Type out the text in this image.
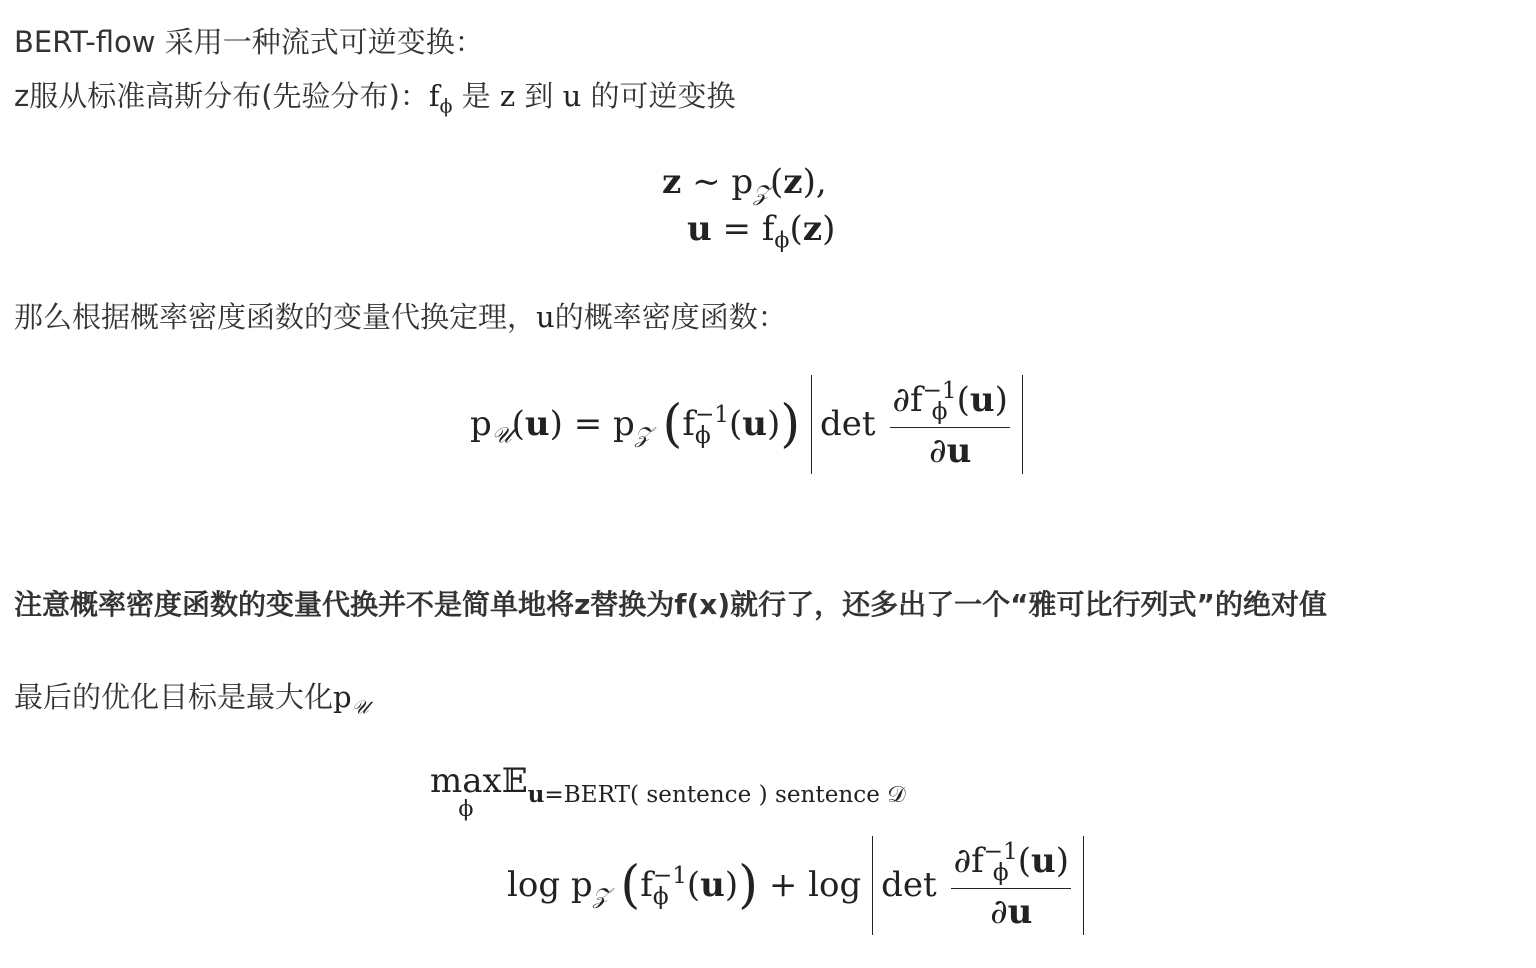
BERT-flow 采用一种流式可逆变换：
z服从标准高斯分布(先验分布)：$f_\phi$ 是 z 到 u 的可逆变换
z ∼ $p_𝒵(z)$,
$u = f_\phi(z)$
那么根据概率密度函数的变量代换定理，u的概率密度函数：
$p_𝒰(u) = p_𝒵$ (f −1
ϕ (u)) det ∂f −1
ϕ (u)
∂u
注意概率密度函数的变量代换并不是简单地将z替换为f(x)就行了，还多出了一个“雅可比行列式”的绝对值
最后的优化目标是最大化$p_𝒰$
max
ϕ
𝔼$_{u=BERT( sentence ) sentence 𝒟}$
$\log p_𝒵$ (f −1
ϕ (u)) + log det ∂f −1
ϕ (u)
∂u
